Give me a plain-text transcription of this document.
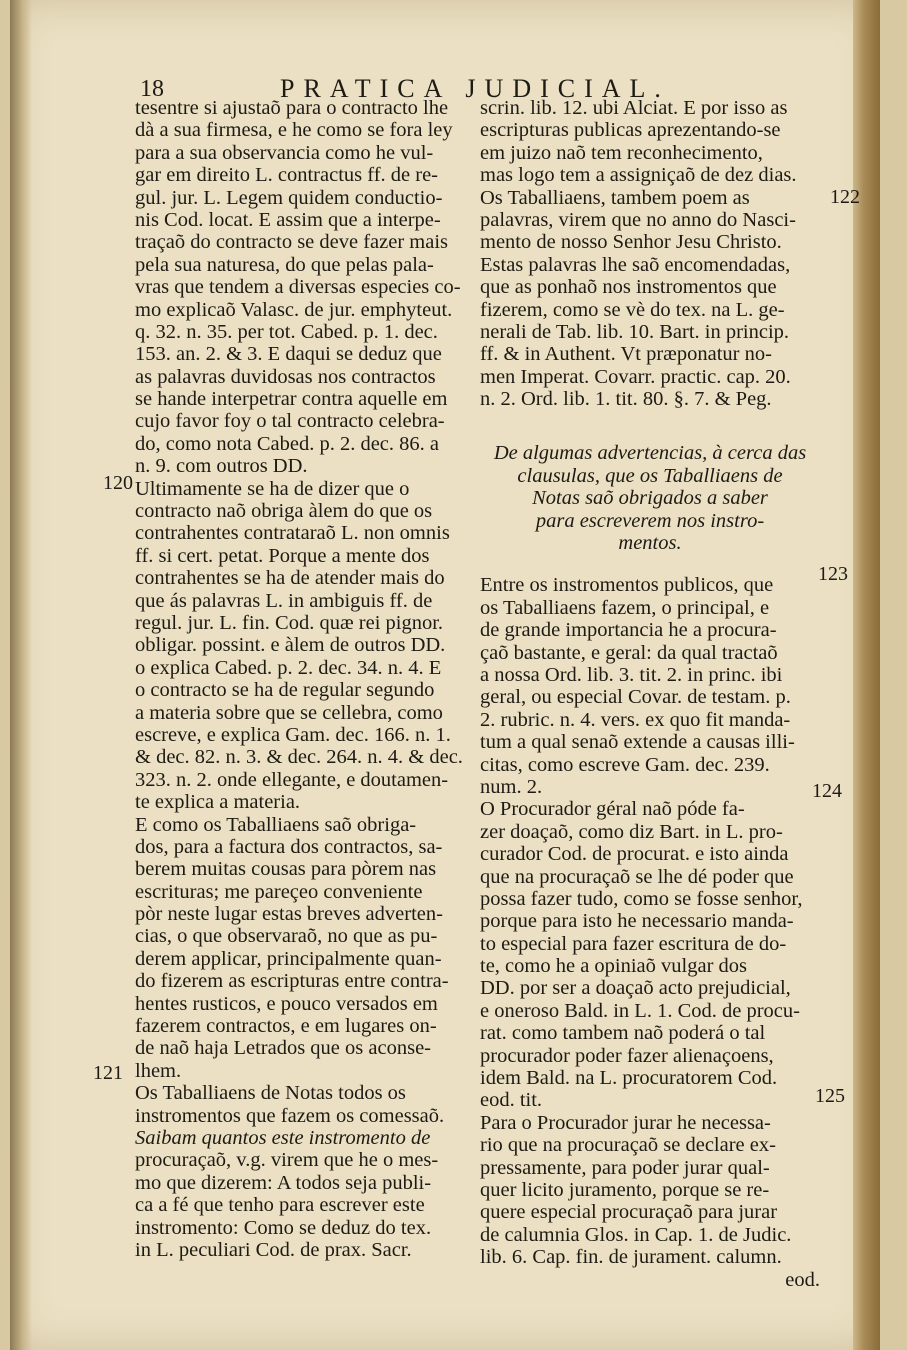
18	PRATICA JUDICIAL.
tesentre si ajustaõ para o contracto lhe
dà a sua firmesa, e he como se fora ley
para a sua observancia como he vul-
gar em direito L. contractus ff. de re-
gul. jur. L. Legem quidem conductio-
nis Cod. locat. E assim que a interpe-
traçaõ do contracto se deve fazer mais
pela sua naturesa, do que pelas pala-
vras que tendem a diversas especies co-
mo explicaõ Valasc. de jur. emphyteut.
q. 32. n. 35. per tot. Cabed. p. 1. dec.
153. an. 2. & 3. E daqui se deduz que
as palavras duvidosas nos contractos
se hande interpetrar contra aquelle em
cujo favor foy o tal contracto celebra-
do, como nota Cabed. p. 2. dec. 86. a
n. 9. com outros DD.
Ultimamente se ha de dizer que o
contracto naõ obriga àlem do que os
contrahentes contrataraõ L. non omnis
ff. si cert. petat. Porque a mente dos
contrahentes se ha de atender mais do
que ás palavras L. in ambiguis ff. de
regul. jur. L. fin. Cod. quæ rei pignor.
obligar. possint. e àlem de outros DD.
o explica Cabed. p. 2. dec. 34. n. 4. E
o contracto se ha de regular segundo
a materia sobre que se cellebra, como
escreve, e explica Gam. dec. 166. n. 1.
& dec. 82. n. 3. & dec. 264. n. 4. & dec.
323. n. 2. onde ellegante, e doutamen-
te explica a materia.
E como os Taballiaens saõ obriga-
dos, para a factura dos contractos, sa-
berem muitas cousas para pòrem nas
escrituras; me pareçeo conveniente
pòr neste lugar estas breves adverten-
cias, o que observaraõ, no que as pu-
derem applicar, principalmente quan-
do fizerem as escripturas entre contra-
hentes rusticos, e pouco versados em
fazerem contractos, e em lugares on-
de naõ haja Letrados que os aconse-
lhem.
Os Taballiaens de Notas todos os
instromentos que fazem os comessaõ.
Saibam quantos este instromento de
procuraçaõ, v.g. virem que he o mes-
mo que dizerem: A todos seja publi-
ca a fé que tenho para escrever este
instromento: Como se deduz do tex.
in L. peculiari Cod. de prax. Sacr.
scrin. lib. 12. ubi Alciat. E por isso as
escripturas publicas aprezentando-se
em juizo naõ tem reconhecimento,
mas logo tem a assigniçaõ de dez dias.
Os Taballiaens, tambem poem as
palavras, virem que no anno do Nasci-
mento de nosso Senhor Jesu Christo.
Estas palavras lhe saõ encomendadas,
que as ponhaõ nos instromentos que
fizerem, como se vè do tex. na L. ge-
nerali de Tab. lib. 10. Bart. in princip.
ff. & in Authent. Vt præponatur no-
men Imperat. Covarr. practic. cap. 20.
n. 2. Ord. lib. 1. tit. 80. §. 7. & Peg.
De algumas advertencias, à cerca das
clausulas, que os Taballiaens de
Notas saõ obrigados a saber
para escreverem nos instro-
mentos.
Entre os instromentos publicos, que
os Taballiaens fazem, o principal, e
de grande importancia he a procura-
çaõ bastante, e geral: da qual tractaõ
a nossa Ord. lib. 3. tit. 2. in princ. ibi
geral, ou especial Covar. de testam. p.
2. rubric. n. 4. vers. ex quo fit manda-
tum a qual senaõ extende a causas illi-
citas, como escreve Gam. dec. 239.
num. 2.
O Procurador géral naõ póde fa-
zer doaçaõ, como diz Bart. in L. pro-
curador Cod. de procurat. e isto ainda
que na procuraçaõ se lhe dé poder que
possa fazer tudo, como se fosse senhor,
porque para isto he necessario manda-
to especial para fazer escritura de do-
te, como he a opiniaõ vulgar dos
DD. por ser a doaçaõ acto prejudicial,
e oneroso Bald. in L. 1. Cod. de procu-
rat. como tambem naõ poderá o tal
procurador poder fazer alienaçoens,
idem Bald. na L. procuratorem Cod.
eod. tit.
Para o Procurador jurar he necessa-
rio que na procuraçaõ se declare ex-
pressamente, para poder jurar qual-
quer licito juramento, porque se re-
quere especial procuraçaõ para jurar
de calumnia Glos. in Cap. 1. de Judic.
lib. 6. Cap. fin. de jurament. calumn.
eod.
120
121
122
123
124
125
